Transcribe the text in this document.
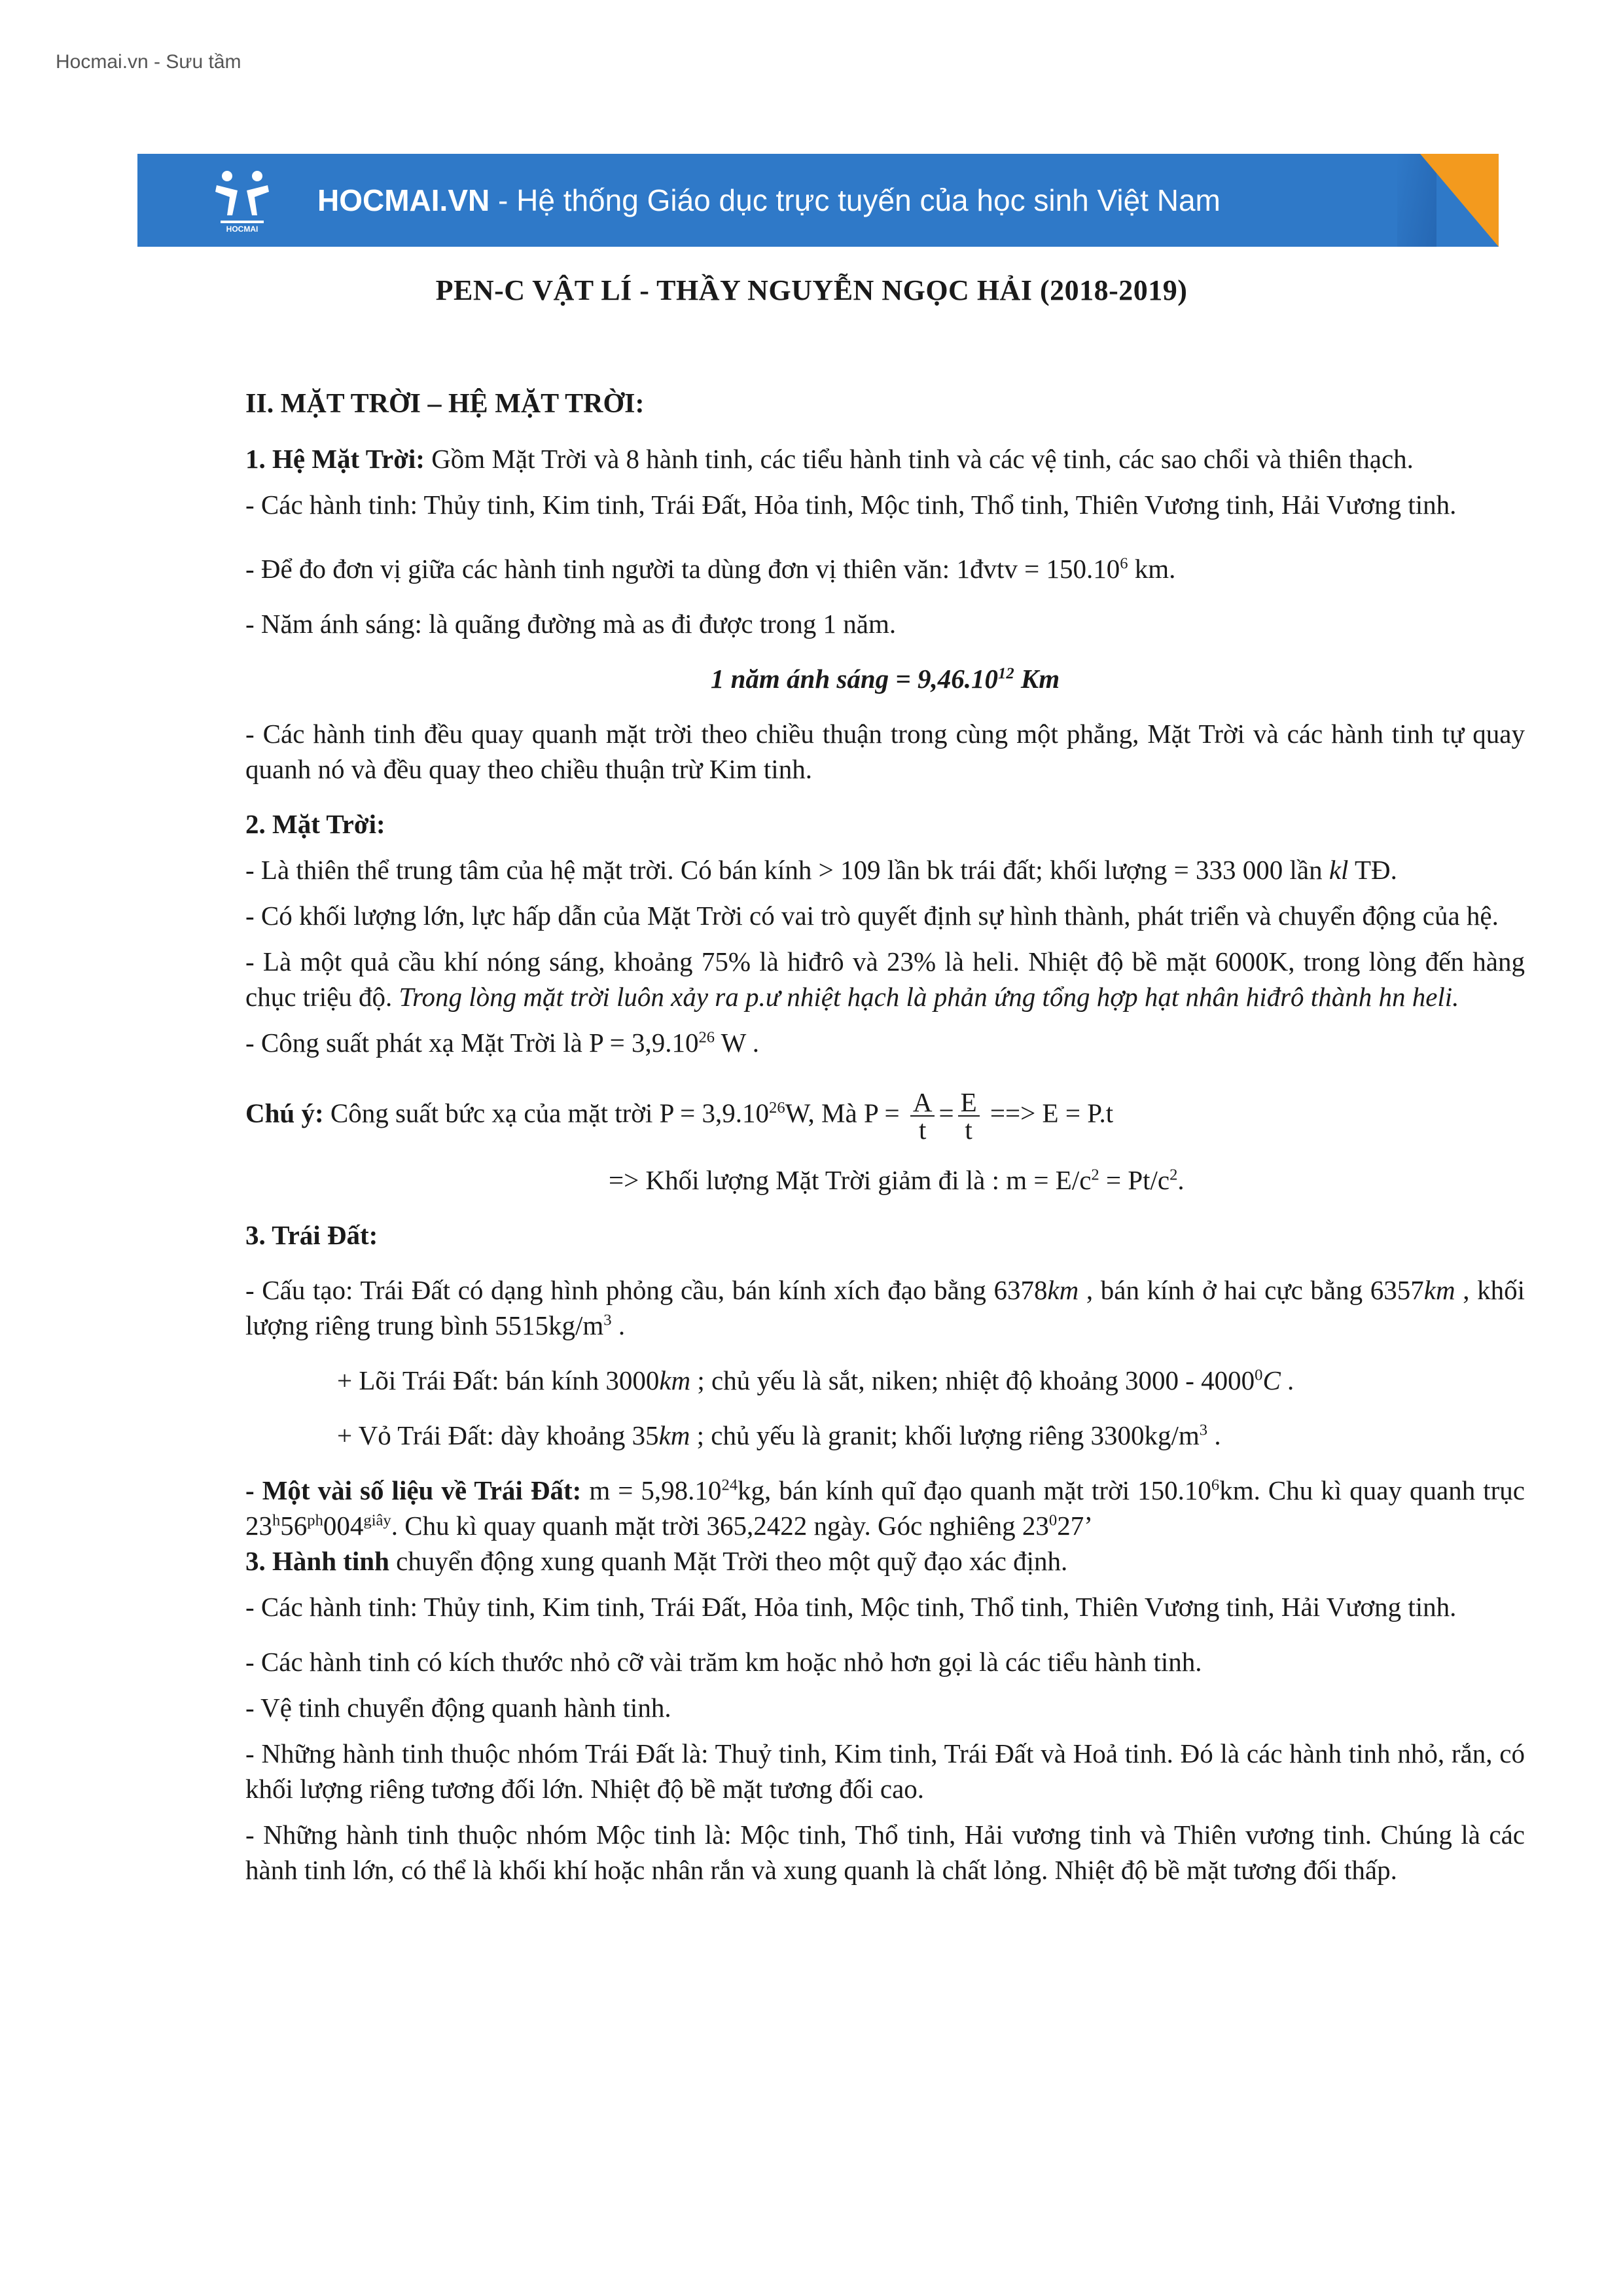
Hocmai.vn - Sưu tầm
HOCMAI
HOCMAI.VN - Hệ thống Giáo dục trực tuyến của học sinh Việt Nam
PEN-C VẬT LÍ - THẦY NGUYỄN NGỌC HẢI (2018-2019)

II. MẶT TRỜI – HỆ MẶT TRỜI:

1. Hệ Mặt Trời: Gồm Mặt Trời và 8 hành tinh, các tiểu hành tinh và các vệ tinh, các sao chổi và thiên thạch.

- Các hành tinh: Thủy tinh, Kim tinh, Trái Đất, Hỏa tinh, Mộc tinh, Thổ tinh, Thiên Vương tinh, Hải Vương tinh.

- Để đo đơn vị giữa các hành tinh người ta dùng đơn vị thiên văn: 1đvtv = $150.10^6$ km.

- Năm ánh sáng: là quãng đường mà as đi được trong 1 năm.

1 năm ánh sáng = $9,46.10^{12}$ Km

- Các hành tinh đều quay quanh mặt trời theo chiều thuận trong cùng một phẳng, Mặt Trời và các hành tinh tự quay quanh nó và đều quay theo chiều thuận trừ Kim tinh.

2. Mặt Trời:

- Là thiên thể trung tâm của hệ mặt trời. Có bán kính > 109 lần bk trái đất; khối lượng = 333 000 lần kl TĐ.

- Có khối lượng lớn, lực hấp dẫn của Mặt Trời có vai trò quyết định sự hình thành, phát triển và chuyển động của hệ.

- Là một quả cầu khí nóng sáng, khoảng 75% là hiđrô và 23% là heli. Nhiệt độ bề mặt 6000K, trong lòng đến hàng chục triệu độ. Trong lòng mặt trời luôn xảy ra p.ư nhiệt hạch là phản ứng tổng hợp hạt nhân hiđrô thành hn heli.

- Công suất phát xạ Mặt Trời là $P = 3,9.10^{26}$ W .

Chú ý: Công suất bức xạ của mặt trời $P = 3,9.10^{26}W$, Mà $P = \frac{A}{t} = \frac{E}{t}$ ==> E = P.t

=> Khối lượng Mặt Trời giảm đi là : $m = E/c^2 = Pt/c^2$.

3. Trái Đất:

- Cấu tạo: Trái Đất có dạng hình phỏng cầu, bán kính xích đạo bằng 6378km , bán kính ở hai cực bằng 6357km , khối lượng riêng trung bình $5515kg/m^3$ .

+ Lõi Trái Đất: bán kính 3000km ; chủ yếu là sắt, niken; nhiệt độ khoảng 3000 - 4000$^0$C .

+ Vỏ Trái Đất: dày khoảng 35km ; chủ yếu là granit; khối lượng riêng $3300kg/m^3$ .

- Một vài số liệu về Trái Đất: $m = 5,98.10^{24}kg$, bán kính quĩ đạo quanh mặt trời 150.10$^6$km. Chu kì quay quanh trục $23^h56^{ph}004^{giây}$. Chu kì quay quanh mặt trời 365,2422 ngày. Góc nghiêng $23^027$’

3. Hành tinh chuyển động xung quanh Mặt Trời theo một quỹ đạo xác định.

- Các hành tinh: Thủy tinh, Kim tinh, Trái Đất, Hỏa tinh, Mộc tinh, Thổ tinh, Thiên Vương tinh, Hải Vương tinh.

- Các hành tinh có kích thước nhỏ cỡ vài trăm km hoặc nhỏ hơn gọi là các tiểu hành tinh.

- Vệ tinh chuyển động quanh hành tinh.

- Những hành tinh thuộc nhóm Trái Đất là: Thuỷ tinh, Kim tinh, Trái Đất và Hoả tinh. Đó là các hành tinh nhỏ, rắn, có khối lượng riêng tương đối lớn. Nhiệt độ bề mặt tương đối cao.

- Những hành tinh thuộc nhóm Mộc tinh là: Mộc tinh, Thổ tinh, Hải vương tinh và Thiên vương tinh. Chúng là các hành tinh lớn, có thể là khối khí hoặc nhân rắn và xung quanh là chất lỏng. Nhiệt độ bề mặt tương đối thấp.
